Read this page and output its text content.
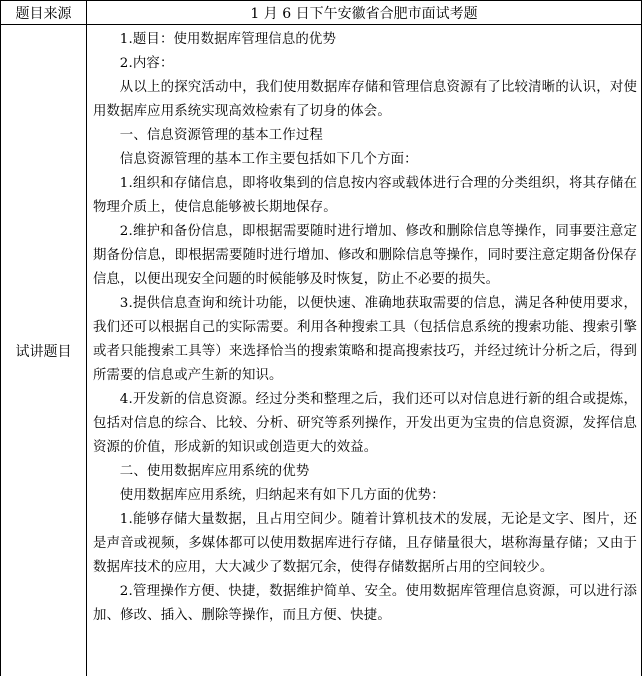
题目来源	1 月 6 日下午安徽省合肥市面试考题
试讲题目

1.题目：使用数据库管理信息的优势

2.内容：

从以上的探究活动中，我们使用数据库存储和管理信息资源有了比较清晰的认识，对使用数据库应用系统实现高效检索有了切身的体会。

一、信息资源管理的基本工作过程

信息资源管理的基本工作主要包括如下几个方面：

1.组织和存储信息，即将收集到的信息按内容或载体进行合理的分类组织，将其存储在物理介质上，使信息能够被长期地保存。

2.维护和备份信息，即根据需要随时进行增加、修改和删除信息等操作，同事要注意定期备份信息，即根据需要随时进行增加、修改和删除信息等操作，同时要注意定期备份保存信息，以便出现安全问题的时候能够及时恢复，防止不必要的损失。

3.提供信息查询和统计功能，以便快速、准确地获取需要的信息，满足各种使用要求，我们还可以根据自己的实际需要。利用各种搜索工具（包括信息系统的搜索功能、搜索引擎或者只能搜索工具等）来选择恰当的搜索策略和提高搜索技巧，并经过统计分析之后，得到所需要的信息或产生新的知识。

4.开发新的信息资源。经过分类和整理之后，我们还可以对信息进行新的组合或提炼，包括对信息的综合、比较、分析、研究等系列操作，开发出更为宝贵的信息资源，发挥信息资源的价值，形成新的知识或创造更大的效益。

二、使用数据库应用系统的优势

使用数据库应用系统，归纳起来有如下几方面的优势：

1.能够存储大量数据，且占用空间少。随着计算机技术的发展，无论是文字、图片，还是声音或视频，多媒体都可以使用数据库进行存储，且存储量很大，堪称海量存储；又由于数据库技术的应用，大大减少了数据冗余，使得存储数据所占用的空间较少。

2.管理操作方便、快捷，数据维护简单、安全。使用数据库管理信息资源，可以进行添加、修改、插入、删除等操作，而且方便、快捷。
